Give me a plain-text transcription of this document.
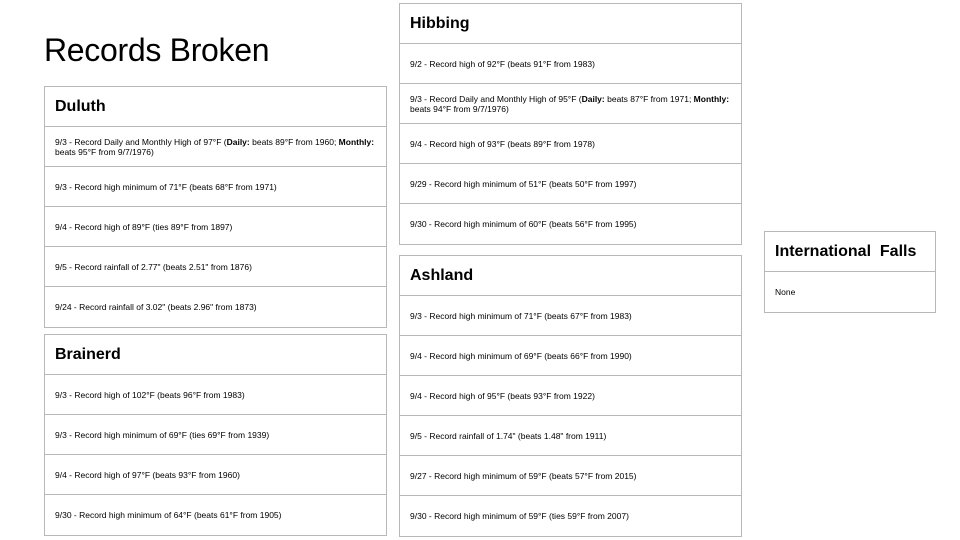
Records Broken
Duluth
9/3 - Record Daily and Monthly High of 97°F (Daily: beats 89°F from 1960; Monthly: beats 95°F from 9/7/1976)
9/3 - Record high minimum of 71°F (beats 68°F from 1971)
9/4 - Record high of 89°F (ties 89°F from 1897)
9/5 - Record rainfall of 2.77" (beats 2.51" from 1876)
9/24 - Record rainfall of 3.02" (beats 2.96" from 1873)
Brainerd
9/3 - Record high of 102°F (beats 96°F from 1983)
9/3 - Record high minimum of 69°F (ties 69°F from 1939)
9/4 - Record high of 97°F (beats 93°F from 1960)
9/30 - Record high minimum of 64°F (beats 61°F from 1905)
Hibbing
9/2 - Record high of 92°F (beats 91°F from 1983)
9/3 - Record Daily and Monthly High of 95°F (Daily: beats 87°F from 1971; Monthly: beats 94°F from 9/7/1976)
9/4 - Record high of 93°F (beats 89°F from 1978)
9/29 - Record high minimum of 51°F (beats 50°F from 1997)
9/30 - Record high minimum of 60°F (beats 56°F from 1995)
Ashland
9/3 - Record high minimum of 71°F (beats 67°F from 1983)
9/4 - Record high minimum of 69°F (beats 66°F from 1990)
9/4 - Record high of 95°F (beats 93°F from 1922)
9/5 - Record rainfall of 1.74" (beats 1.48" from 1911)
9/27 - Record high minimum of 59°F (beats 57°F from 2015)
9/30 - Record high minimum of 59°F (ties 59°F from 2007)
International  Falls
None
